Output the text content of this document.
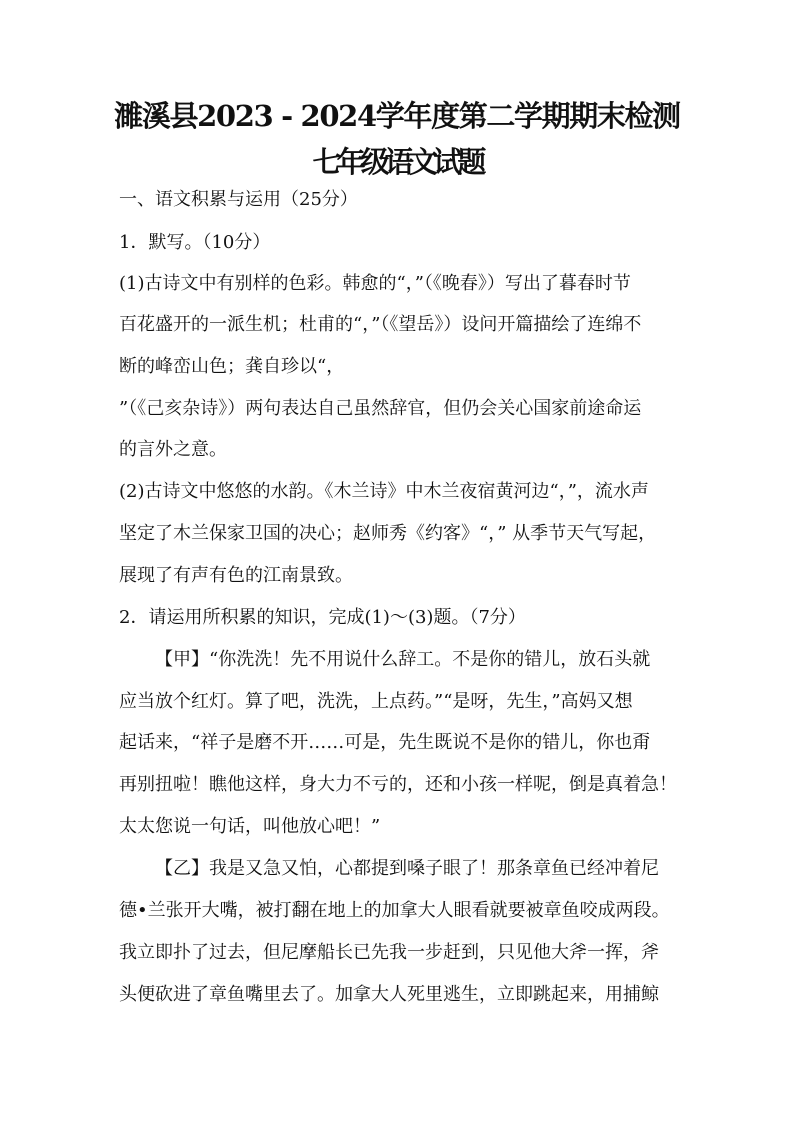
濉溪县2023 - 2024学年度第二学期期末检测
七年级语文试题
一、语文积累与运用（25分）
1．默写。（10分）
(1)古诗文中有别样的色彩。韩愈的“，”（《晚春》）写出了暮春时节
百花盛开的一派生机；杜甫的“，”（《望岳》）设问开篇描绘了连绵不
断的峰峦山色；龚自珍以“，
”（《己亥杂诗》）两句表达自己虽然辞官，但仍会关心国家前途命运
的言外之意。
(2)古诗文中悠悠的水韵。《木兰诗》中木兰夜宿黄河边“，”，流水声
坚定了木兰保家卫国的决心；赵师秀《约客》“，” 从季节天气写起，
展现了有声有色的江南景致。
2．请运用所积累的知识，完成(1)～(3)题。（7分）
【甲】“你洗洗！先不用说什么辞工。不是你的错儿，放石头就
应当放个红灯。算了吧，洗洗，上点药。”“是呀，先生，”高妈又想
起话来，“祥子是磨不开……可是，先生既说不是你的错儿，你也甭
再别扭啦！瞧他这样，身大力不亏的，还和小孩一样呢，倒是真着急！
太太您说一句话，叫他放心吧！”
【乙】我是又急又怕，心都提到嗓子眼了！那条章鱼已经冲着尼
德•兰张开大嘴，被打翻在地上的加拿大人眼看就要被章鱼咬成两段。
我立即扑了过去，但尼摩船长已先我一步赶到，只见他大斧一挥，斧
头便砍进了章鱼嘴里去了。加拿大人死里逃生，立即跳起来，用捕鲸
